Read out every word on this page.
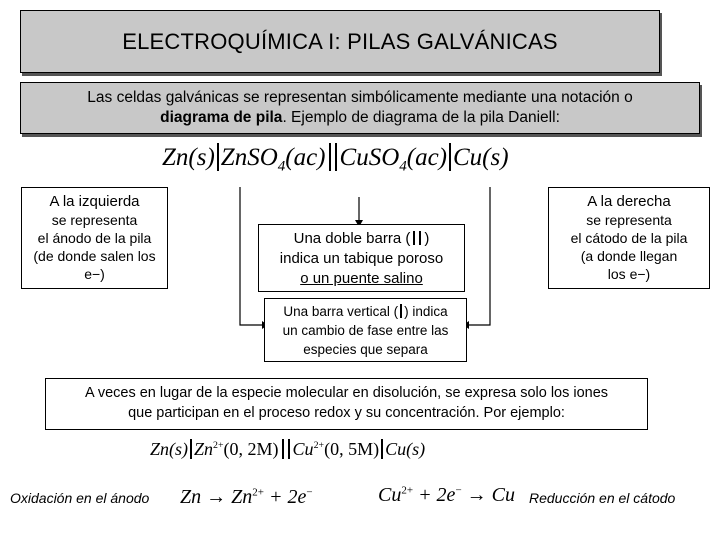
ELECTROQUÍMICA I: PILAS GALVÁNICAS
Las celdas galvánicas se representan simbólicamente mediante una notación o
diagrama de pila. Ejemplo de diagrama de la pila Daniell:
Zn(s) ZnSO$_4$(ac) CuSO$_4$(ac) Cu(s)
A la izquierda
se representa
el ánodo de la pila
(de donde salen los
e−)
A la derecha
se representa
el cátodo de la pila
(a donde llegan
los e−)
Una doble barra ( )
indica un tabique poroso
o un puente salino
Una barra vertical ( ) indica
un cambio de fase entre las
especies que separa
A veces en lugar de la especie molecular en disolución, se expresa solo los iones
que participan en el proceso redox y su concentración. Por ejemplo:
Zn(s) $Zn^{2+}(0$, 2M) $Cu^{2+}(0$, 5M) Cu(s)
Oxidación en el ánodo $Zn \to Zn^{2+} + 2e^-$	$Cu^{2+} + 2e^- \to Cu$ Reducción en el cátodo
